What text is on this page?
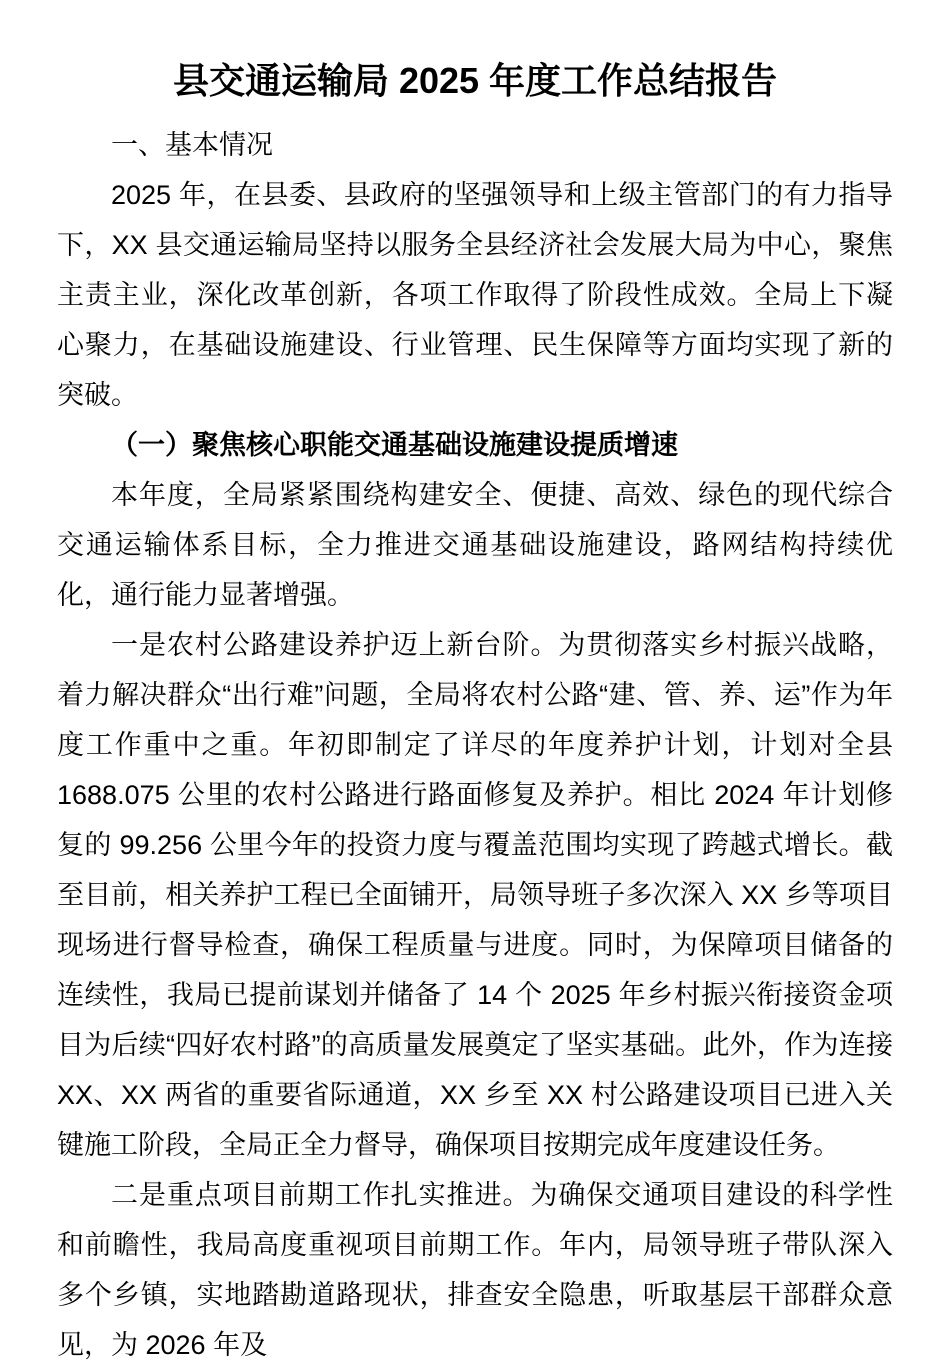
县交通运输局 2025 年度工作总结报告
一、基本情况

2025 年，在县委、县政府的坚强领导和上级主管部门的有力指导下，XX 县交通运输局坚持以服务全县经济社会发展大局为中心，聚焦主责主业，深化改革创新，各项工作取得了阶段性成效。全局上下凝心聚力，在基础设施建设、行业管理、民生保障等方面均实现了新的突破。

（一）聚焦核心职能交通基础设施建设提质增速

本年度，全局紧紧围绕构建安全、便捷、高效、绿色的现代综合交通运输体系目标，全力推进交通基础设施建设，路网结构持续优化，通行能力显著增强。

一是农村公路建设养护迈上新台阶。为贯彻落实乡村振兴战略，着力解决群众“出行难”问题，全局将农村公路“建、管、养、运”作为年度工作重中之重。年初即制定了详尽的年度养护计划，计划对全县 1688.075 公里的农村公路进行路面修复及养护。相比 2024 年计划修复的 99.256 公里今年的投资力度与覆盖范围均实现了跨越式增长。截至目前，相关养护工程已全面铺开，局领导班子多次深入 XX 乡等项目现场进行督导检查，确保工程质量与进度。同时，为保障项目储备的连续性，我局已提前谋划并储备了 14 个 2025 年乡村振兴衔接资金项目为后续“四好农村路”的高质量发展奠定了坚实基础。此外，作为连接 XX、XX 两省的重要省际通道，XX 乡至 XX 村公路建设项目已进入关键施工阶段，全局正全力督导，确保项目按期完成年度建设任务。

二是重点项目前期工作扎实推进。为确保交通项目建设的科学性和前瞻性，我局高度重视项目前期工作。年内，局领导班子带队深入多个乡镇，实地踏勘道路现状，排查安全隐患，听取基层干部群众意见，为 2026 年及
